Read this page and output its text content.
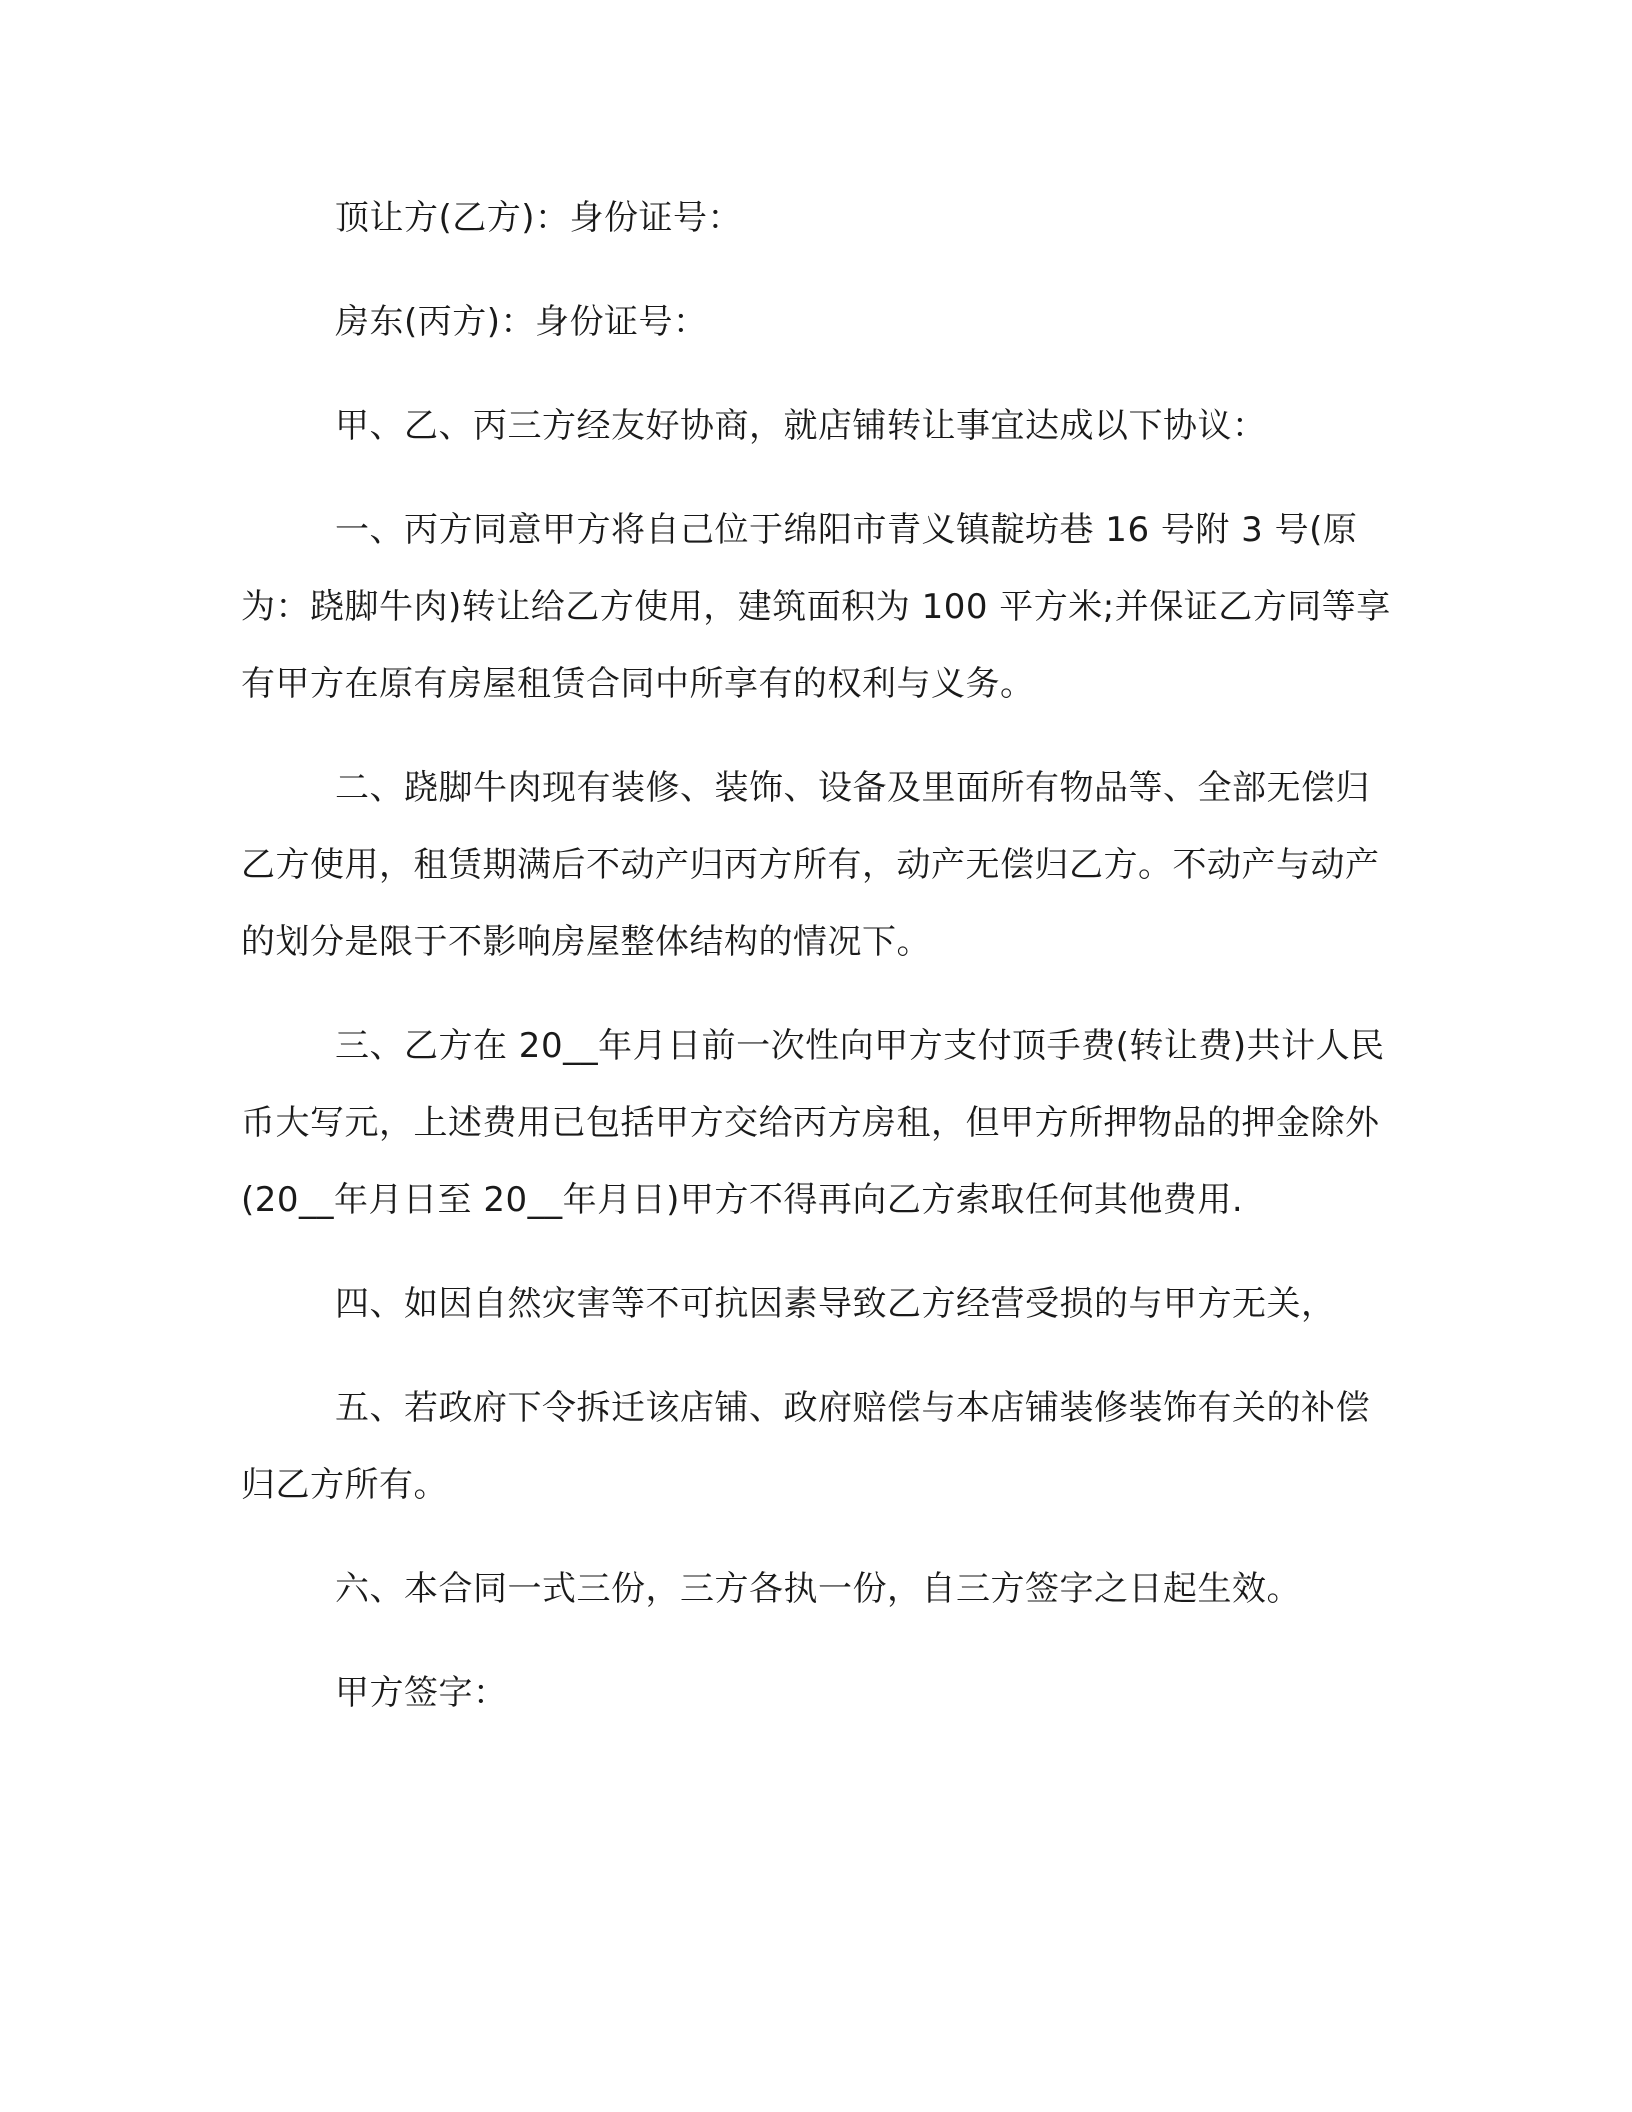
顶让方(乙方)：身份证号：

房东(丙方)：身份证号：

甲、乙、丙三方经友好协商，就店铺转让事宜达成以下协议：

一、丙方同意甲方将自己位于绵阳市青义镇靛坊巷 16 号附 3 号(原为：跷脚牛肉)转让给乙方使用，建筑面积为 100 平方米;并保证乙方同等享有甲方在原有房屋租赁合同中所享有的权利与义务。

二、跷脚牛肉现有装修、装饰、设备及里面所有物品等、全部无偿归乙方使用，租赁期满后不动产归丙方所有，动产无偿归乙方。不动产与动产的划分是限于不影响房屋整体结构的情况下。

三、乙方在 20__年月日前一次性向甲方支付顶手费(转让费)共计人民币大写元，上述费用已包括甲方交给丙方房租，但甲方所押物品的押金除外(20__年月日至 20__年月日)甲方不得再向乙方索取任何其他费用.

四、如因自然灾害等不可抗因素导致乙方经营受损的与甲方无关，

五、若政府下令拆迁该店铺、政府赔偿与本店铺装修装饰有关的补偿归乙方所有。

六、本合同一式三份，三方各执一份，自三方签字之日起生效。

甲方签字：
